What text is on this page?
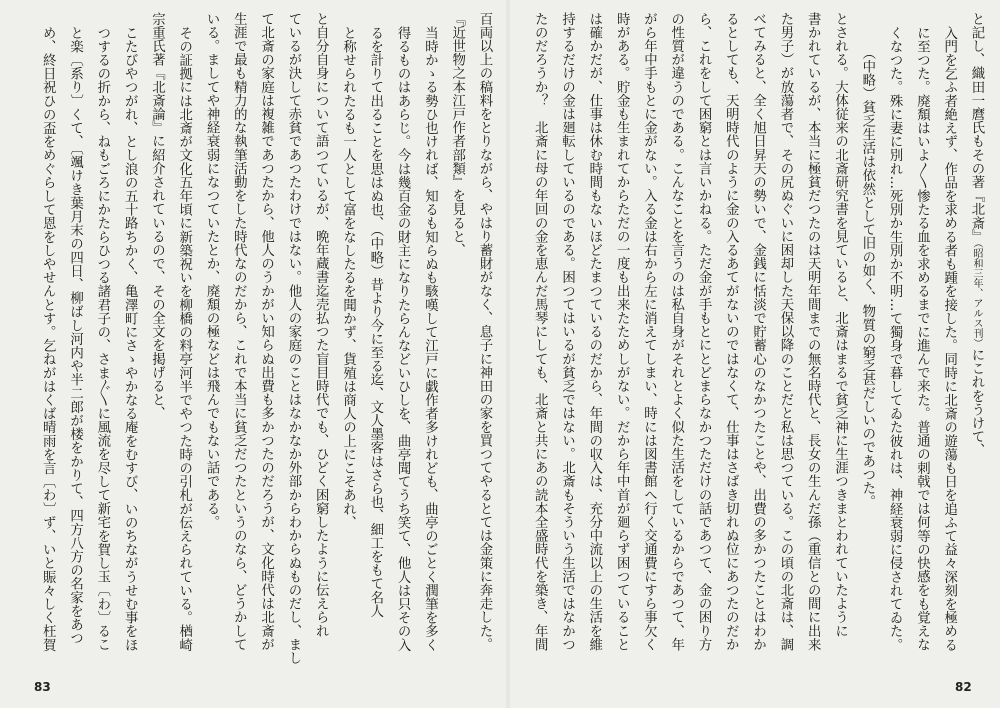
と記し、織田一麿氏もその著『北斎』（昭和三年、アルス刊）にこれをうけて、
入門を乞ふ者絶えず、作品を求める者も踵を接した。同時に北斎の遊蕩も日を追ふて益々深刻を極める
に至つた。廃頽はいよ〳〵惨たる血を求めるまでに進んで来た。普通の刺戟では何等の快感をも覚えな
くなつた。殊に妻に別れ…死別か生別か不明…て獨身で暮してゐた彼れは、神経衰弱に侵されてゐた。
（中略）貧乏生活は依然として旧の如く、物質の窮乏甚だしいのであつた。
とされる。大体従来の北斎研究書を見ていると、北斎はまるで貧乏神に生涯つきまとわれていたように
書かれているが、本当に極貧だつたのは天明年間までの無名時代と、長女の生んだ孫（重信との間に出来
た男子）が放蕩者で、その尻ぬぐいに困却した天保以降のことだと私は思つている。この頃の北斎は、調
べてみると、全く旭日昇天の勢いで、金銭に恬淡で貯蓄心のなかつたことや、出費の多かつたことはわか
るとしても、天明時代のように金の入るあてがないのではなくて、仕事はさばき切れぬ位にあつたのだか
ら、これをして困窮とは言いかねる。ただ金が手もとにとどまらなかつただけの話であつて、金の困り方
の性質が違うのである。こんなことを言うのは私自身がそれとよく似た生活をしているからであつて、年
がら年中手もとに金がない。入る金は右から左に消えてしまい、時には図書館へ行く交通費にすら事欠く
時がある。貯金も生まれてからただの一度も出来たためしがない。だから年中首が廻らず困つていること
は確かだが、仕事は休む時間もないほどたまつているのだから、年間の収入は、充分中流以上の生活を維
持するだけの金は廻転しているのである。困つてはいるが貧乏ではない。北斎もそういう生活ではなかつ
たのだろうか？　北斎に母の年回の金を恵んだ馬琴にしても、北斎と共にあの読本全盛時代を築き、年間
百両以上の稿料をとりながら、やはり蓄財がなく、息子に神田の家を買つてやるとては金策に奔走した。
『近世物之本江戸作者部類』を見ると、
当時かゝる勢ひ也ければ、知るも知らぬも駭嘆して江戸に戯作者多けれども、曲亭のごとく潤筆を多く
得るものはあらじ。今は幾百金の財主になりたらんなどいひしを、曲亭聞てうち笑て、他人は只その入
るを計りて出ることを思はぬ也、（中略）昔より今に至る迄、文人墨客はさら也、細工をもて名人
と称せられたるも一人として富をなしたるを聞かず、貨殖は商人の上にこそあれ、
と自分自身について語つているが、晩年蔵書迄売払つた盲目時代でも、ひどく困窮したように伝えられ
ているが決して赤貧であつたわけではない。他人の家庭のことはなかなか外部からわからぬものだし、まし
て北斎の家庭は複雑であつたから、他人のうかがい知らぬ出費も多かつたのだろうが、文化時代は北斎が
生涯で最も精力的な執筆活動をした時代なのだから、これで本当に貧乏だつたというのなら、どうかして
いる。ましてや神経衰弱になつていたとか、廃頽の極などは飛んでもない話である。
その証拠には北斎が文化五年頃に新築祝いを柳橋の料亭河半でやつた時の引札が伝えられている。楢崎
宗重氏著『北斎論』に紹介されているので、その全文を掲げると、
こたびやつがれ、とし浪の五十路ちかく、亀澤町にさゝやかなる庵をむすび、いのちながうせむ事をほ
つするの折から、ねもごろにかたらひつる諸君子の、さま〴〵に風流を尽して新宅を賀し玉〔わ〕るこ
と楽〔系り〕くて、〔颯けき葉月末の四日、柳ばし河内や半二郎が楼をかりて、四方八方の名家をあつ
め、終日祝ひの盃をめぐらして恩をしやせんとす。乞ねがはくば晴雨を言〔わ〕ず、いと賑々しく枉賀
83	82
